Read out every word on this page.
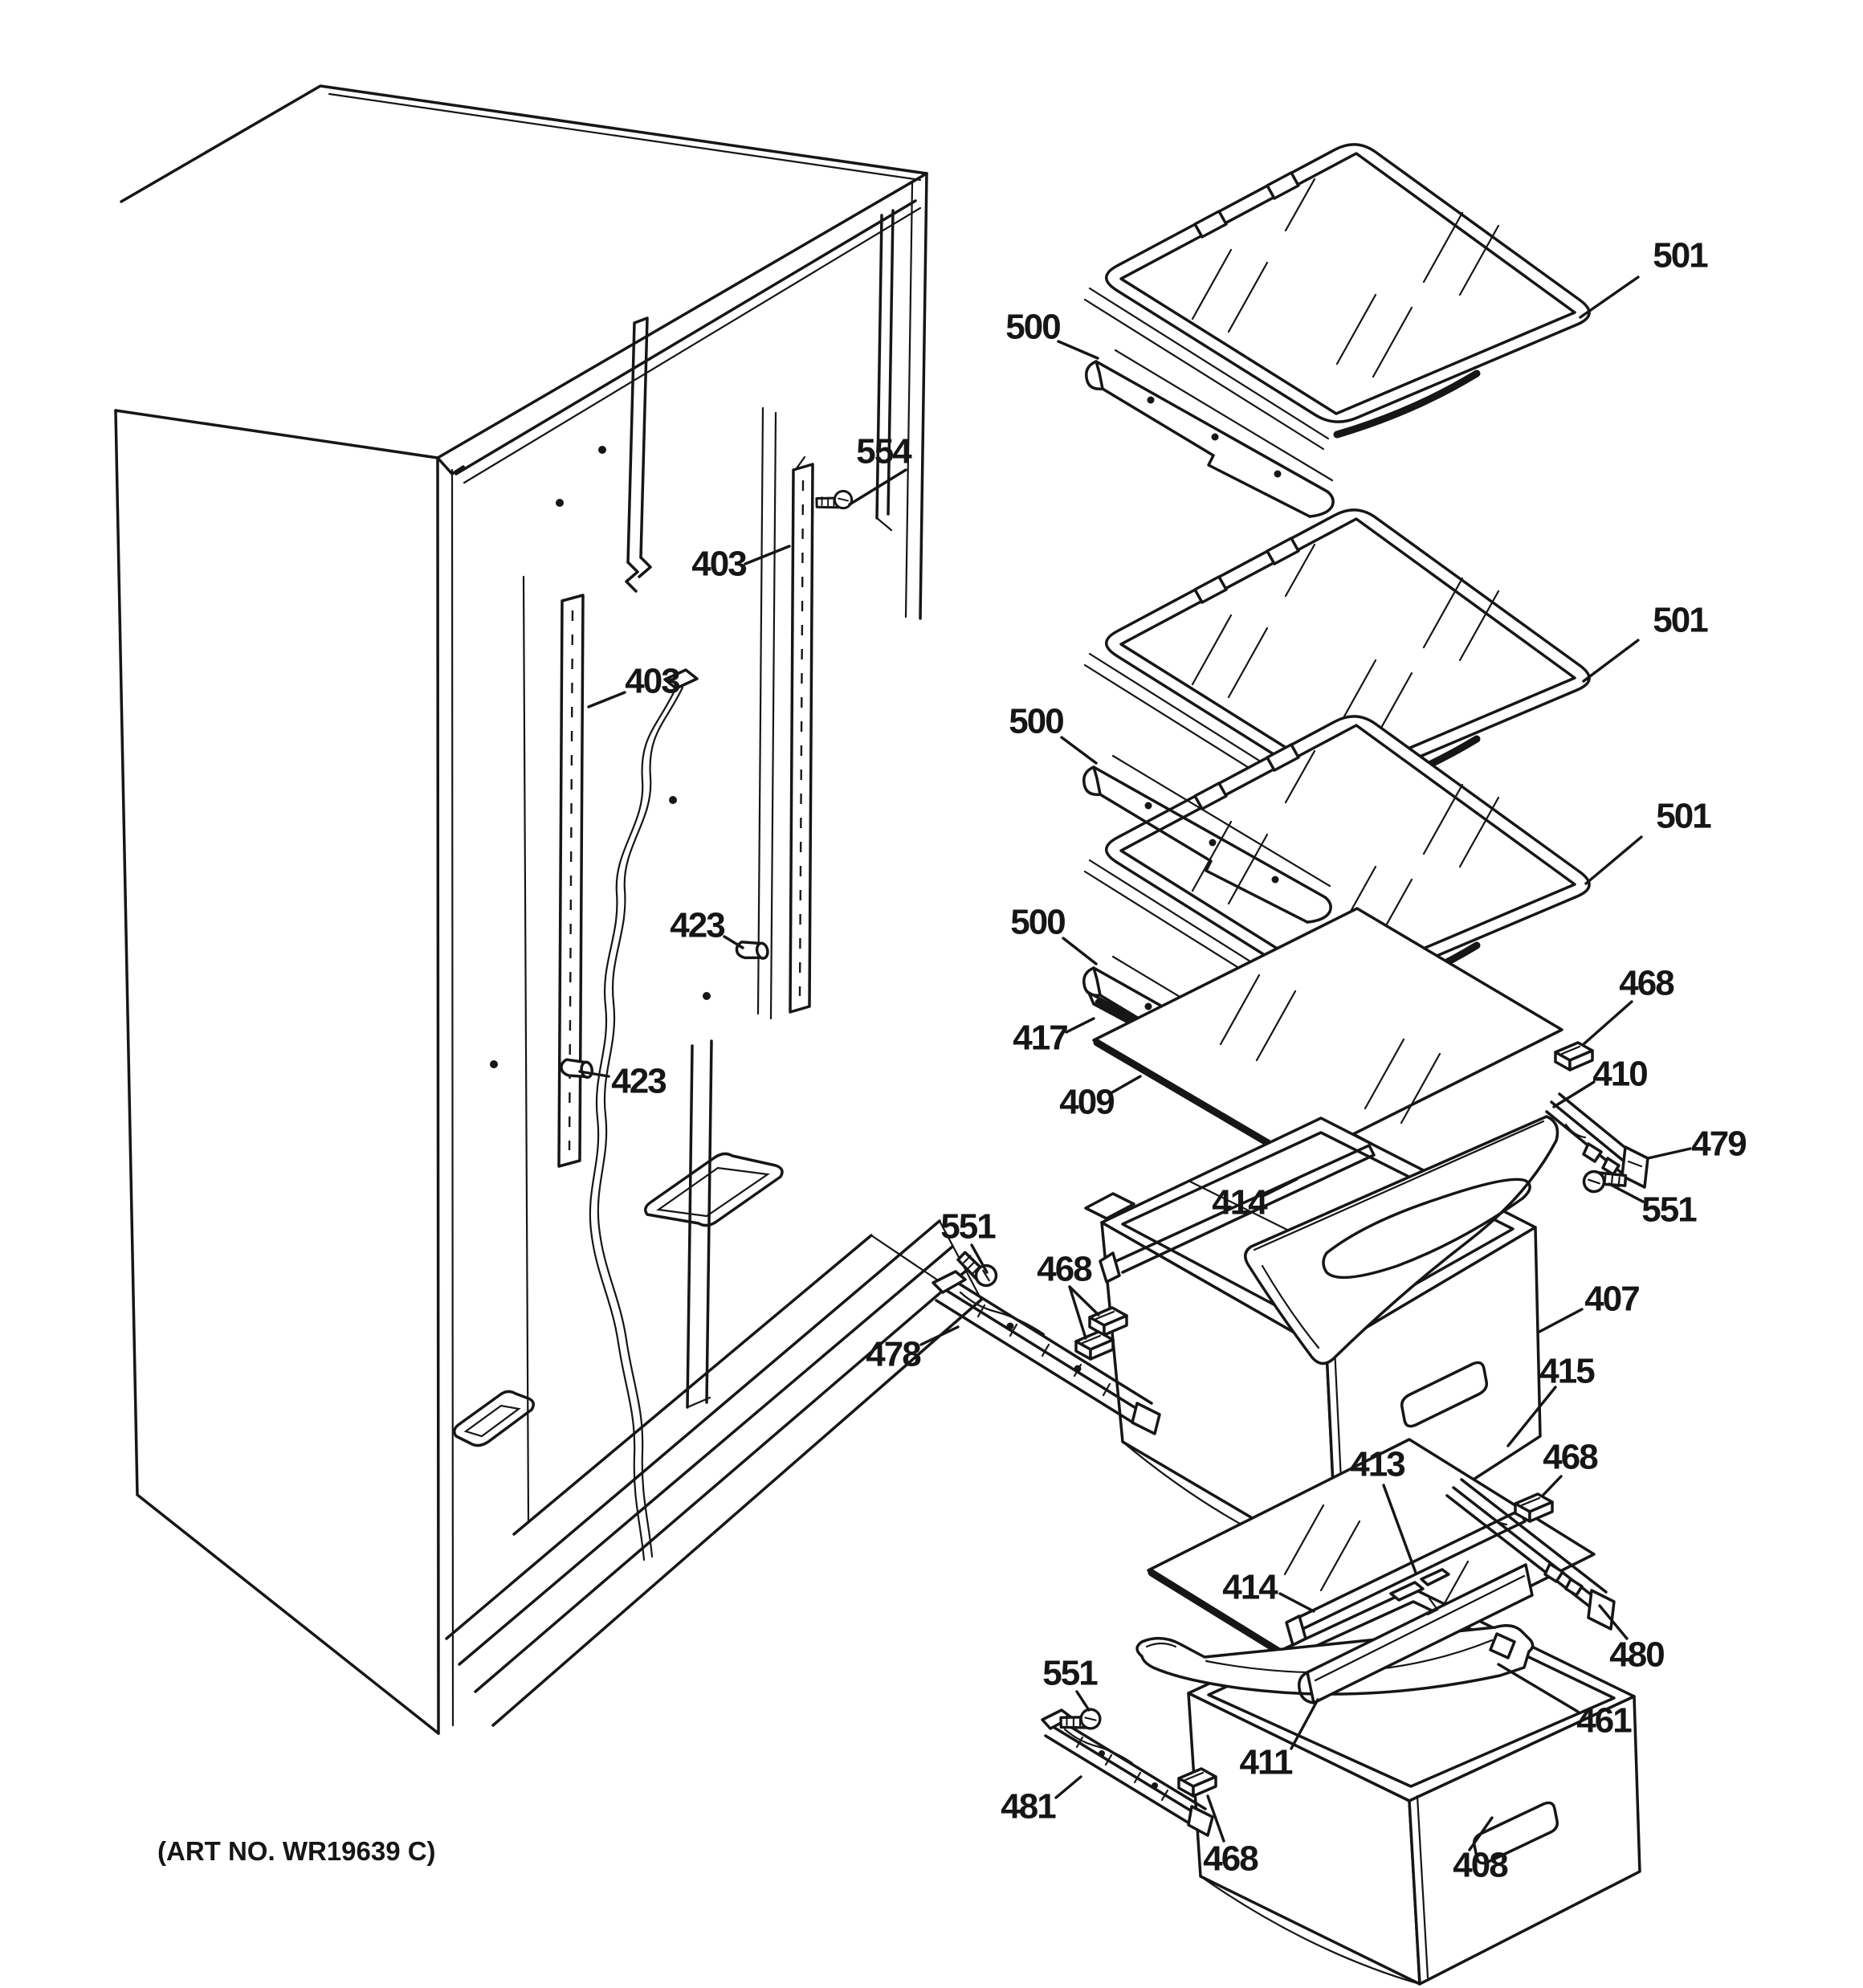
501
500
501
500
501
500
554
403
403
423
423
417
409
468
410
479
551
414
551
468
478
407
415
468
480
413
414
461
411
551
481
468	408
(ART NO. WR19639 C)
